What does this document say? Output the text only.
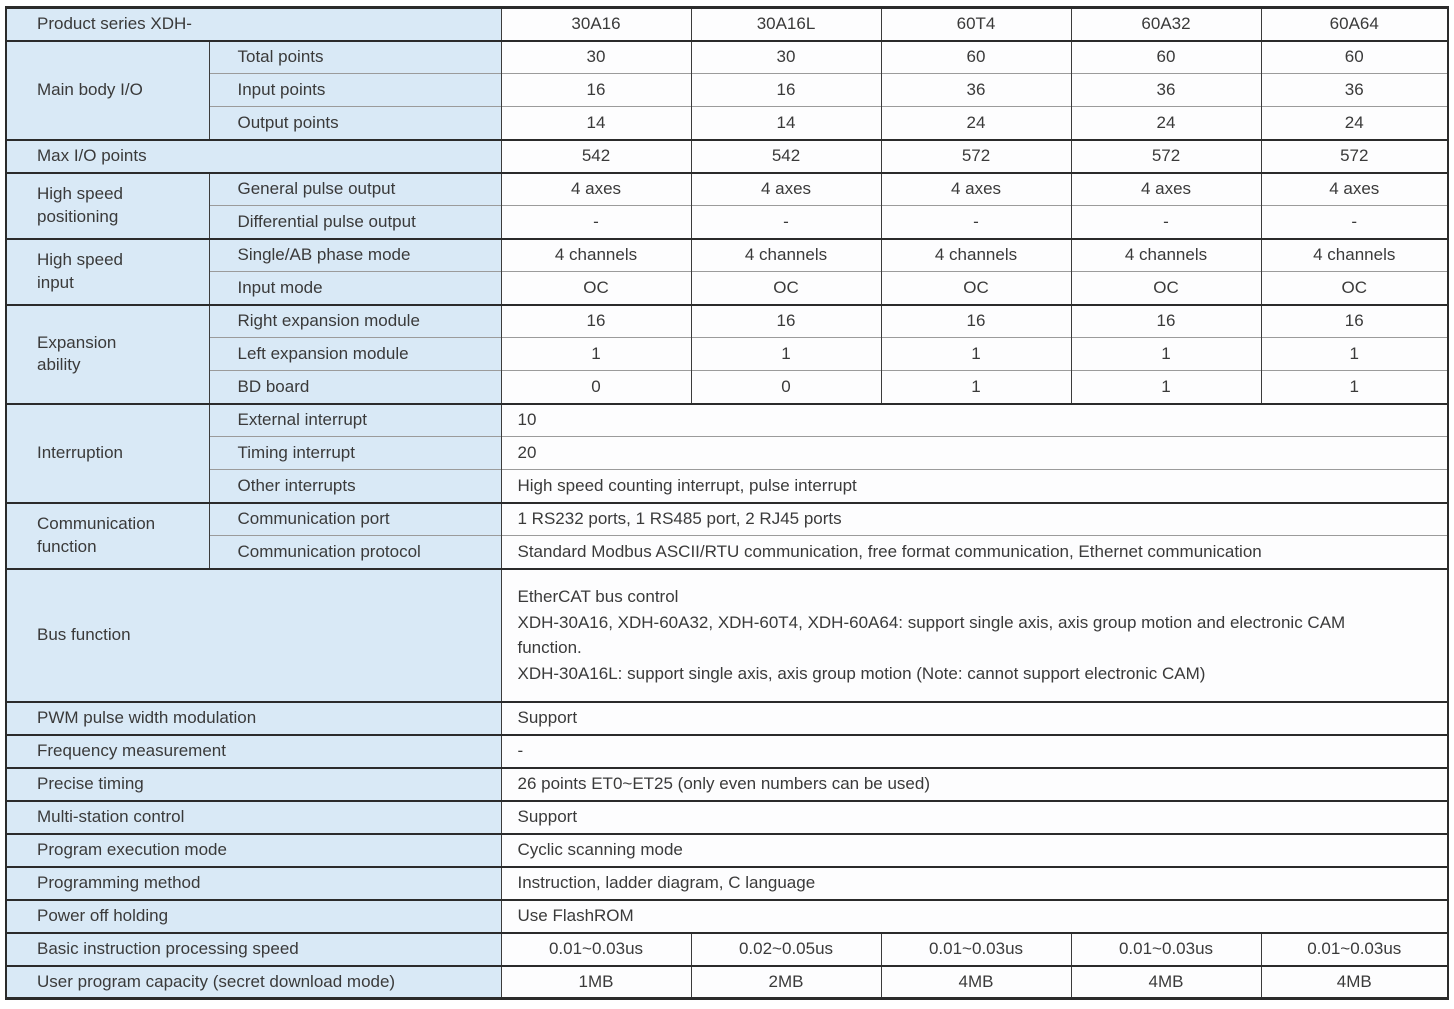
Product series XDH-		30A16	30A16L	60T4	60A32	60A64
Main body I/O	Total points	30	30	60	60	60
	Input points	16	16	36	36	36
	Output points	14	14	24	24	24
Max I/O points		542	542	572	572	572
High speed positioning	General pulse output	4 axes	4 axes	4 axes	4 axes	4 axes
	Differential pulse output	-	-	-	-	-
High speed input	Single/AB phase mode	4 channels	4 channels	4 channels	4 channels	4 channels
	Input mode	OC	OC	OC	OC	OC
Expansion ability	Right expansion module	16	16	16	16	16
	Left expansion module	1	1	1	1	1
	BD board	0	0	1	1	1
Interruption	External interrupt	10				
	Timing interrupt	20				
	Other interrupts	High speed counting interrupt, pulse interrupt				
Communication function	Communication port	1 RS232 ports, 1 RS485 port, 2 RJ45 ports				
	Communication protocol	Standard Modbus ASCII/RTU communication, free format communication, Ethernet communication				
Bus function		EtherCAT bus control
XDH-30A16, XDH-60A32, XDH-60T4, XDH-60A64: support single axis, axis group motion and electronic CAM function.
XDH-30A16L: support single axis, axis group motion (Note: cannot support electronic CAM)				

PWM pulse width modulation		Support				
Frequency measurement		-				
Precise timing		26 points ET0~ET25 (only even numbers can be used)				
Multi-station control		Support				
Program execution mode		Cyclic scanning mode				
Programming method		Instruction, ladder diagram, C language				
Power off holding		Use FlashROM				
Basic instruction processing speed		0.01~0.03us	0.02~0.05us	0.01~0.03us	0.01~0.03us	0.01~0.03us
User program capacity (secret download mode)		1MB	2MB	4MB	4MB	4MB
